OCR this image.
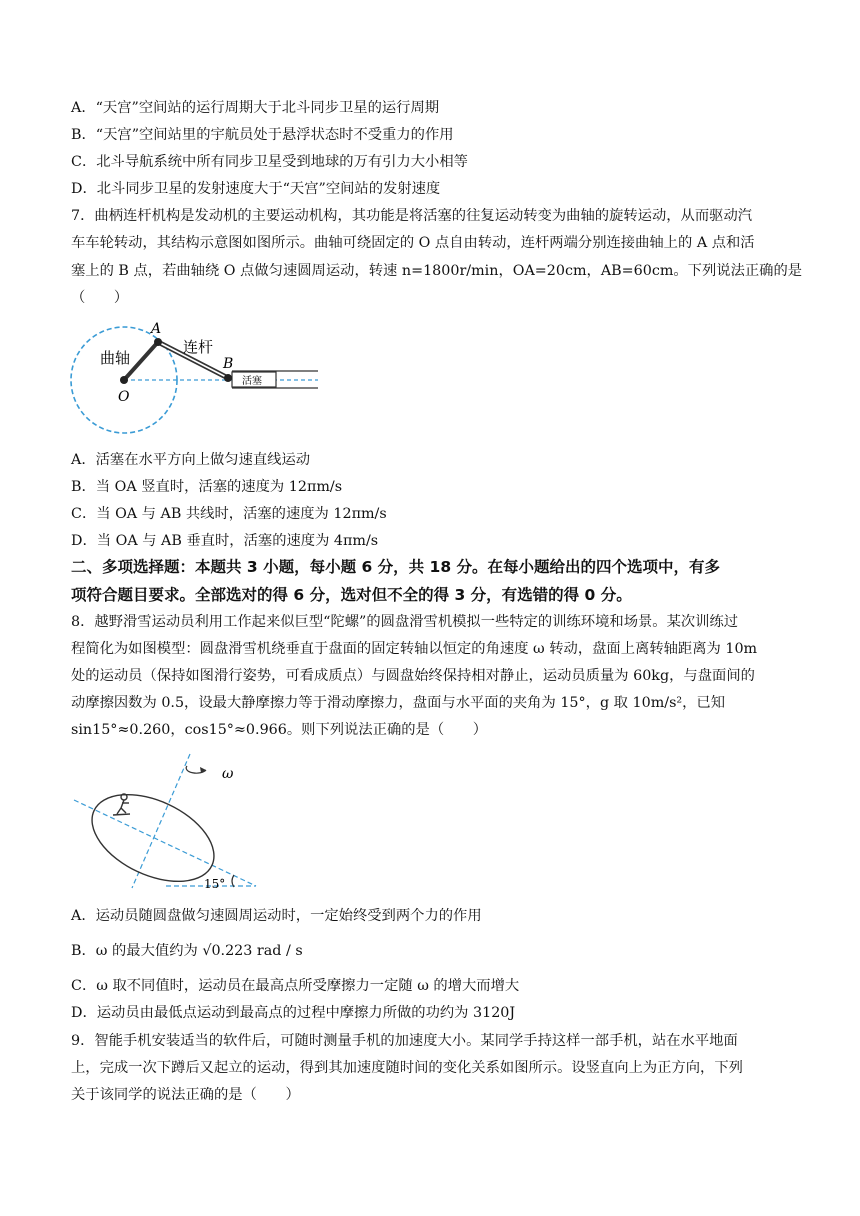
A．“天宫”空间站的运行周期大于北斗同步卫星的运行周期
B．“天宫”空间站里的宇航员处于悬浮状态时不受重力的作用
C．北斗导航系统中所有同步卫星受到地球的万有引力大小相等
D．北斗同步卫星的发射速度大于“天宫”空间站的发射速度
7．曲柄连杆机构是发动机的主要运动机构，其功能是将活塞的往复运动转变为曲轴的旋转运动，从而驱动汽
车车轮转动，其结构示意图如图所示。曲轴可绕固定的 O 点自由转动，连杆两端分别连接曲轴上的 A 点和活
塞上的 B 点，若曲轴绕 O 点做匀速圆周运动，转速 n=1800r/min，OA=20cm，AB=60cm。下列说法正确的是
（　　）
曲轴
连杆
活塞
A
B
O
A．活塞在水平方向上做匀速直线运动
B．当 OA 竖直时，活塞的速度为 12πm/s
C．当 OA 与 AB 共线时，活塞的速度为 12πm/s
D．当 OA 与 AB 垂直时，活塞的速度为 4πm/s
二、多项选择题：本题共 3 小题，每小题 6 分，共 18 分。在每小题给出的四个选项中，有多
项符合题目要求。全部选对的得 6 分，选对但不全的得 3 分，有选错的得 0 分。
8．越野滑雪运动员利用工作起来似巨型“陀螺”的圆盘滑雪机模拟一些特定的训练环境和场景。某次训练过
程简化为如图模型：圆盘滑雪机绕垂直于盘面的固定转轴以恒定的角速度 ω 转动，盘面上离转轴距离为 10m
处的运动员（保持如图滑行姿势，可看成质点）与圆盘始终保持相对静止，运动员质量为 60kg，与盘面间的
动摩擦因数为 0.5，设最大静摩擦力等于滑动摩擦力，盘面与水平面的夹角为 15°，g 取 10m/s²，已知
sin15°≈0.260，cos15°≈0.966。则下列说法正确的是（　　）
ω
15°
A．运动员随圆盘做匀速圆周运动时，一定始终受到两个力的作用
B．ω 的最大值约为 √0.223 rad / s
C．ω 取不同值时，运动员在最高点所受摩擦力一定随 ω 的增大而增大
D．运动员由最低点运动到最高点的过程中摩擦力所做的功约为 3120J
9．智能手机安装适当的软件后，可随时测量手机的加速度大小。某同学手持这样一部手机，站在水平地面
上，完成一次下蹲后又起立的运动，得到其加速度随时间的变化关系如图所示。设竖直向上为正方向，下列
关于该同学的说法正确的是（　　）
